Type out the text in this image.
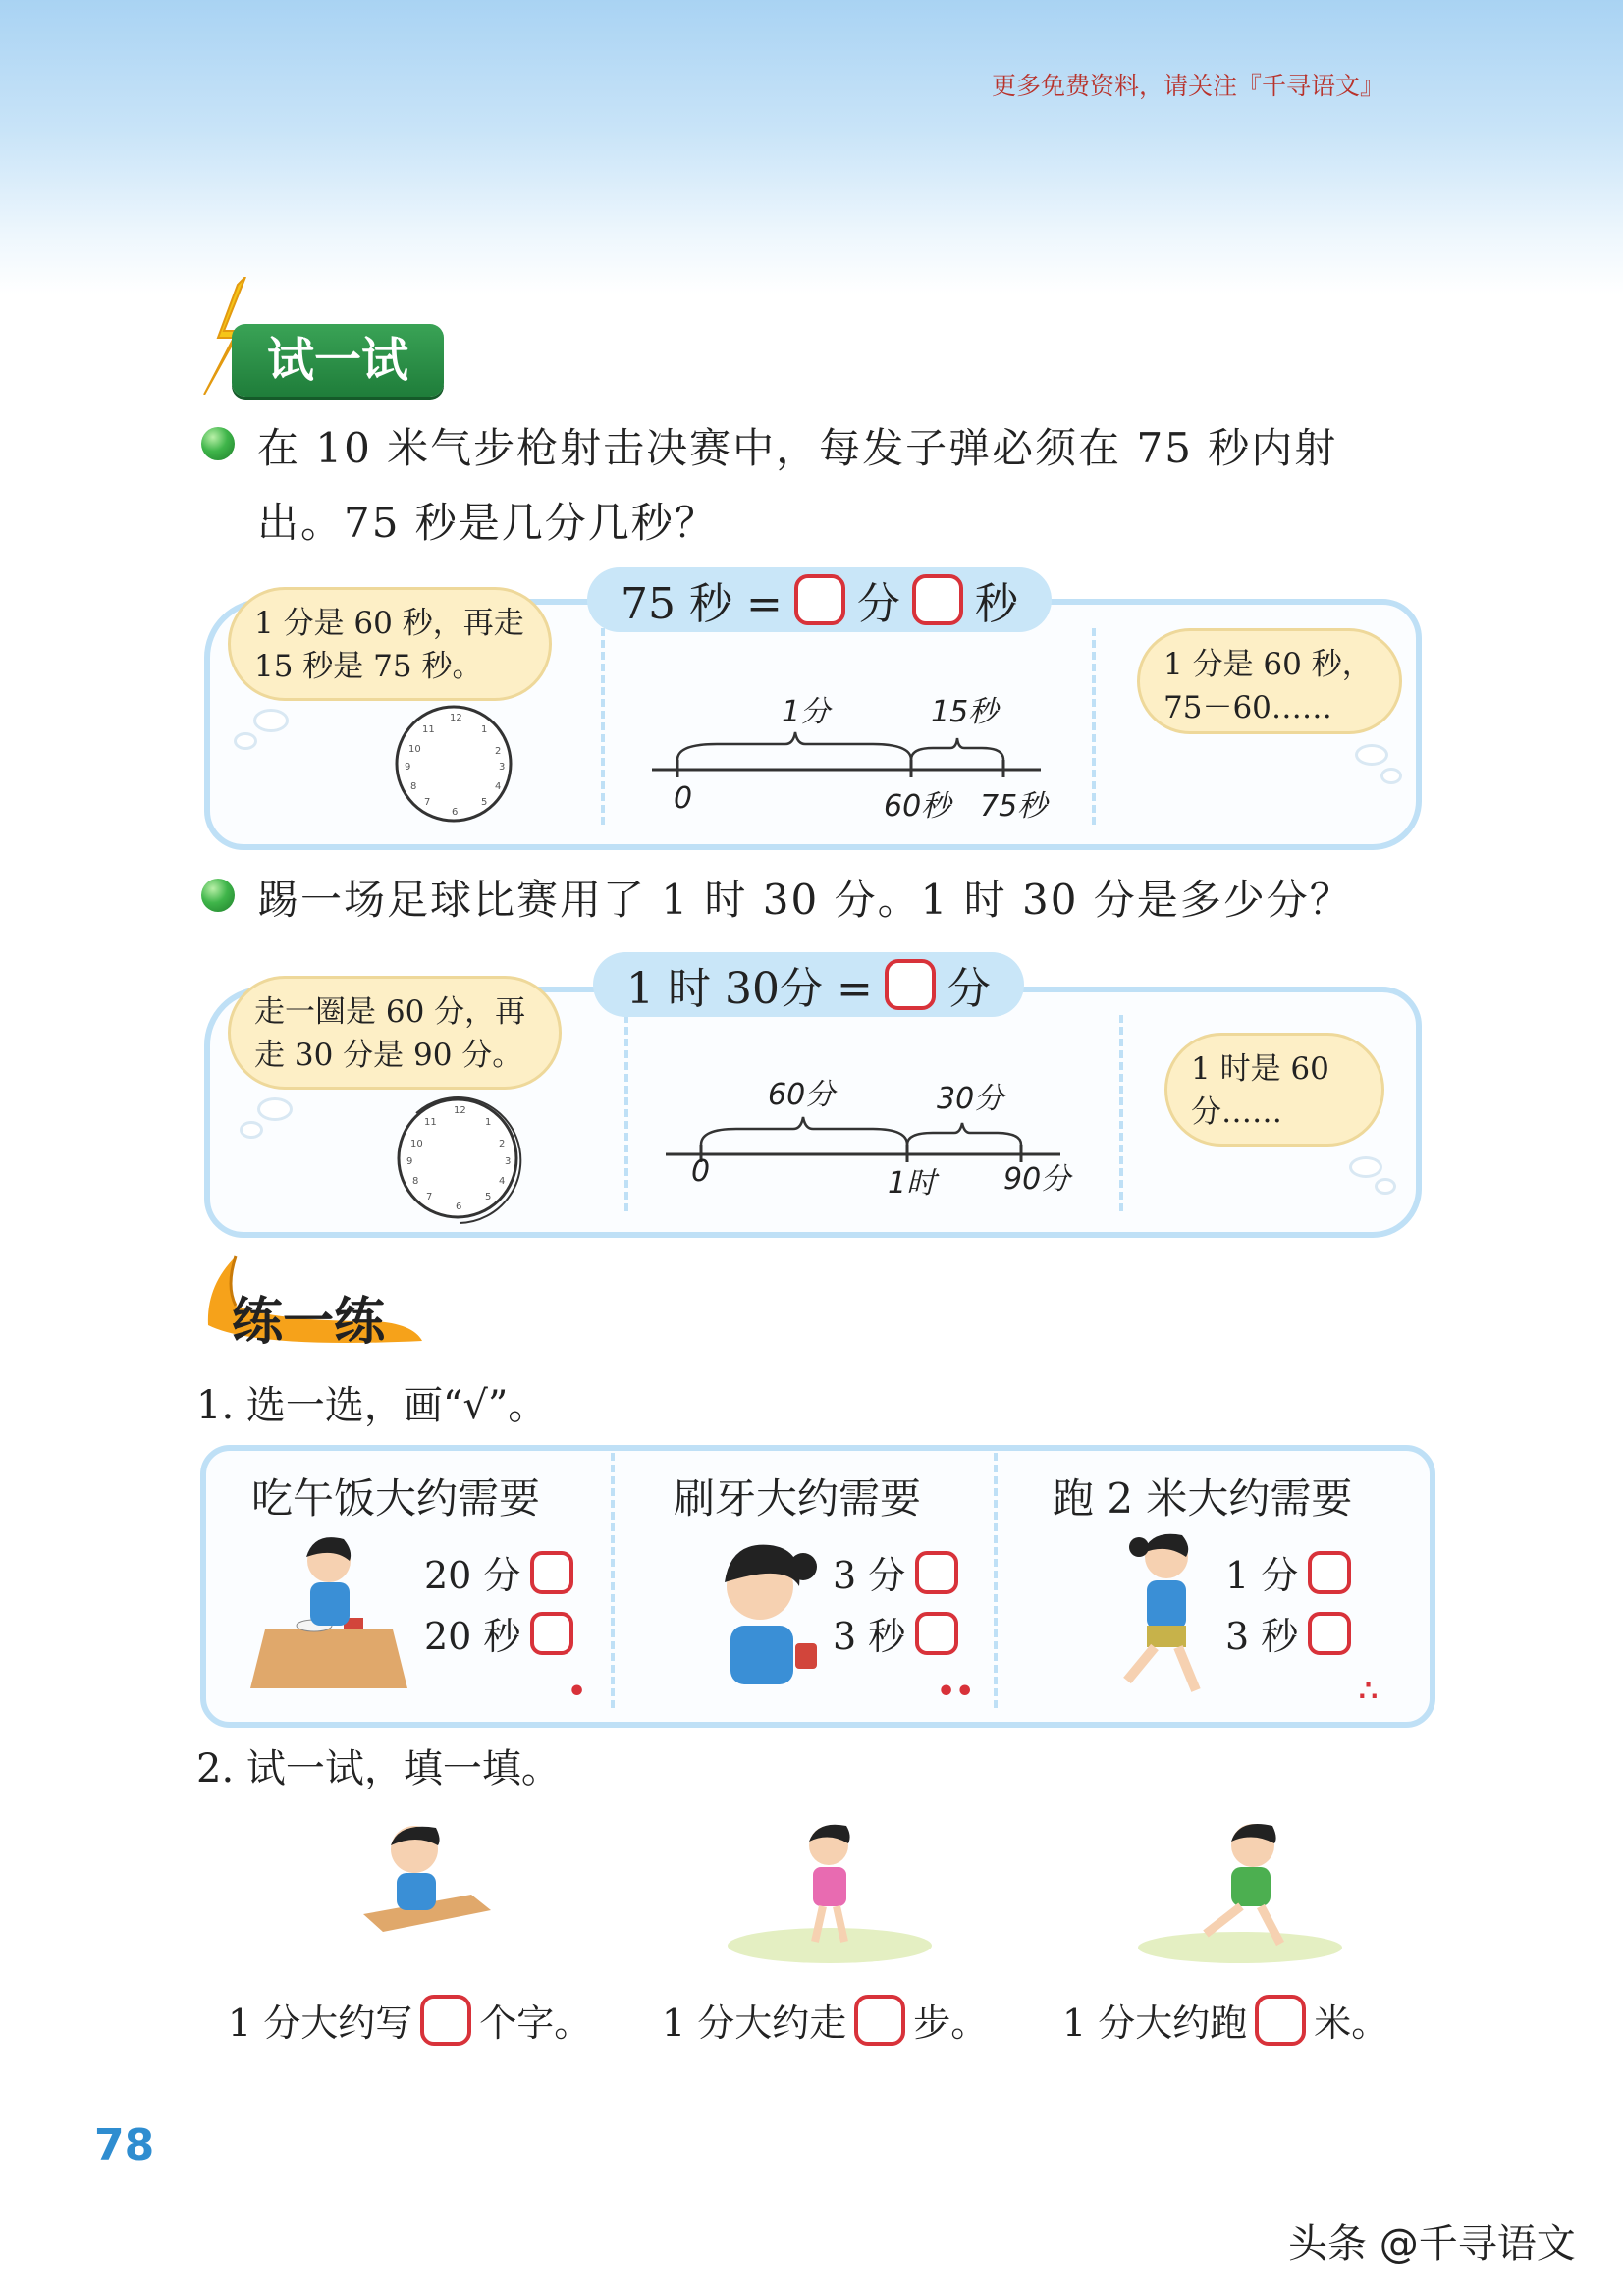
更多免费资料，请关注『千寻语文』
试一试
在 10 米气步枪射击决赛中，每发子弹必须在 75 秒内射
出。75 秒是几分几秒？
75 秒 = 分 秒
1 分是 60 秒，再走
15 秒是 75 秒。
12
1
2
3
4
5
6
7
8
9
10
11
1分	15秒
0	60秒 75秒
1 分是 60 秒，
75－60……
踢一场足球比赛用了 1 时 30 分。1 时 30 分是多少分？
1 时 30分 = 分
走一圈是 60 分，再
走 30 分是 90 分。
12
1
2
3
4
5
6
7
8
9
10
11
60分	30分
0	1时 90分
1 时是 60
分……
练一练
1. 选一选，画“√”。
吃午饭大约需要
20 分
20 秒
•
刷牙大约需要
3 分
3 秒
••
跑 2 米大约需要
1 分
3 秒
∴
2. 试一试，填一填。
1 分大约写 个字。 1 分大约走 步。 1 分大约跑 米。
78
头条 @千寻语文
